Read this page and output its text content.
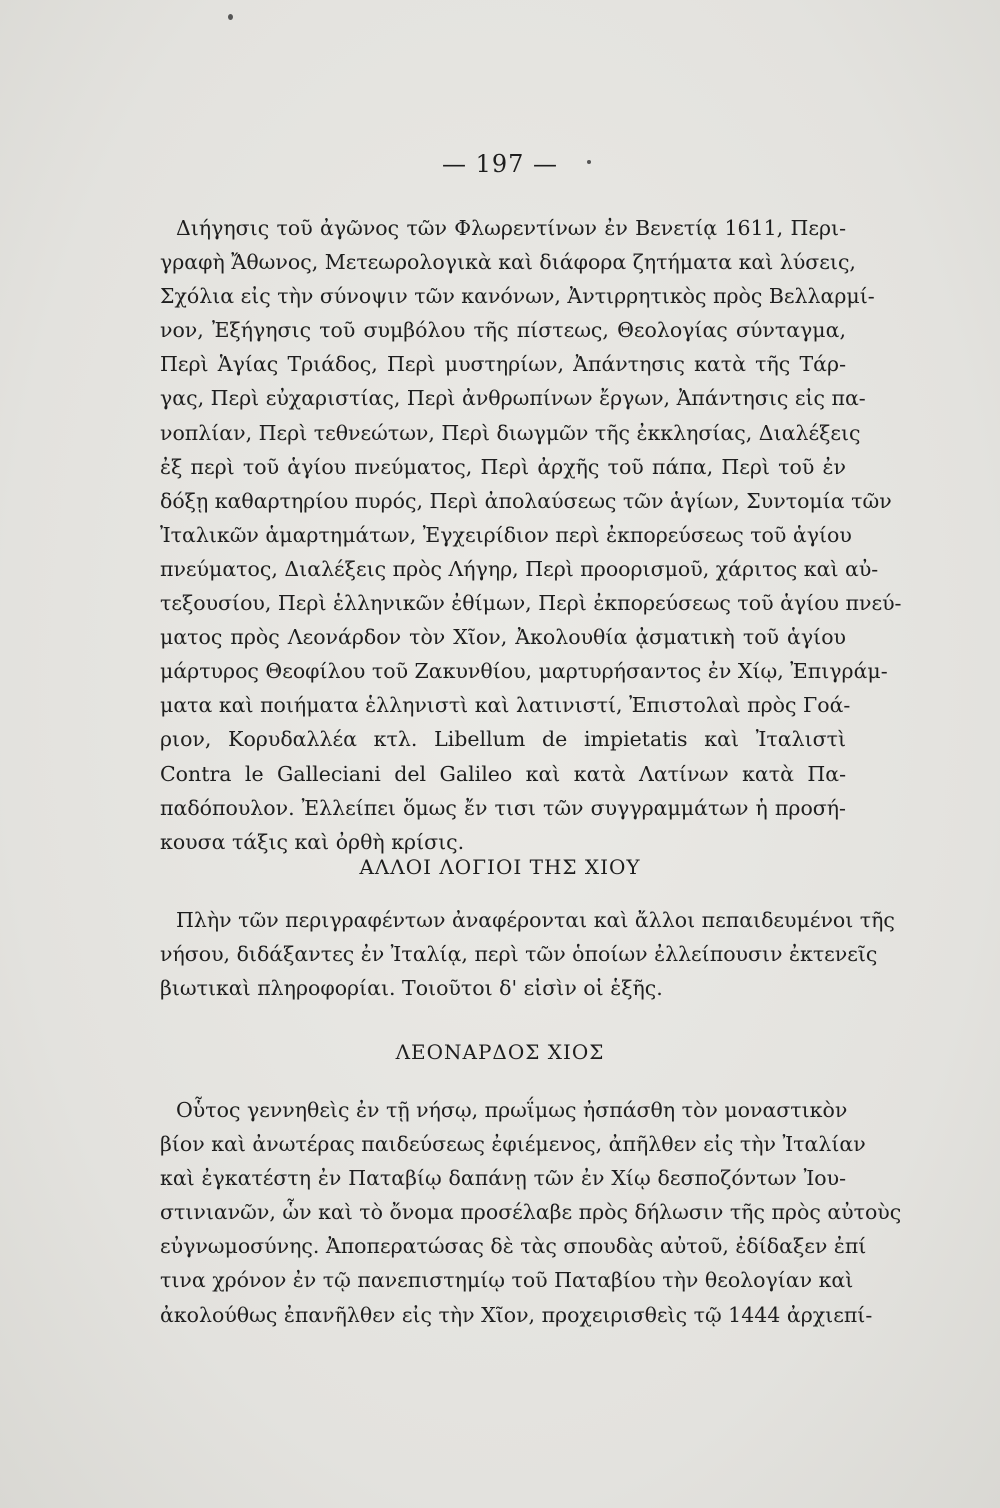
— 197 —
Διήγησις τοῦ ἀγῶνος τῶν Φλωρεντίνων ἐν Βενετίᾳ 1611, Περι-
γραφὴ Ἄθωνος, Μετεωρολογικὰ καὶ διάφορα ζητήματα καὶ λύσεις,
Σχόλια εἰς τὴν σύνοψιν τῶν κανόνων, Ἀντιρρητικὸς πρὸς Βελλαρμί-
νον, Ἐξήγησις τοῦ συμβόλου τῆς πίστεως, Θεολογίας σύνταγμα,
Περὶ Ἁγίας Τριάδος, Περὶ μυστηρίων, Ἀπάντησις κατὰ τῆς Τάρ-
γας, Περὶ εὐχαριστίας, Περὶ ἀνθρωπίνων ἔργων, Ἀπάντησις εἰς πα-
νοπλίαν, Περὶ τεθνεώτων, Περὶ διωγμῶν τῆς ἐκκλησίας, Διαλέξεις
ἐξ περὶ τοῦ ἁγίου πνεύματος, Περὶ ἀρχῆς τοῦ πάπα, Περὶ τοῦ ἐν
δόξῃ καθαρτηρίου πυρός, Περὶ ἀπολαύσεως τῶν ἁγίων, Συντομία τῶν
Ἰταλικῶν ἁμαρτημάτων, Ἐγχειρίδιον περὶ ἐκπορεύσεως τοῦ ἁγίου
πνεύματος, Διαλέξεις πρὸς Λήγηρ, Περὶ προορισμοῦ, χάριτος καὶ αὐ-
τεξουσίου, Περὶ ἑλληνικῶν ἐθίμων, Περὶ ἐκπορεύσεως τοῦ ἁγίου πνεύ-
ματος πρὸς Λεονάρδον τὸν Χῖον, Ἀκολουθία ᾀσματικὴ τοῦ ἁγίου
μάρτυρος Θεοφίλου τοῦ Ζακυνθίου, μαρτυρήσαντος ἐν Χίῳ, Ἐπιγράμ-
ματα καὶ ποιήματα ἑλληνιστὶ καὶ λατινιστί, Ἐπιστολαὶ πρὸς Γοά-
ριον, Κορυδαλλέα κτλ. Libellum de impietatis καὶ Ἰταλιστὶ
Contra le Galleciani del Galileo καὶ κατὰ Λατίνων κατὰ Πα-
παδόπουλον. Ἐλλείπει ὅμως ἔν τισι τῶν συγγραμμάτων ἡ προσή-
κουσα τάξις καὶ ὀρθὴ κρίσις.
ΑΛΛΟΙ ΛΟΓΙΟΙ ΤΗΣ ΧΙΟΥ
Πλὴν τῶν περιγραφέντων ἀναφέρονται καὶ ἄλλοι πεπαιδευμένοι τῆς
νήσου, διδάξαντες ἐν Ἰταλίᾳ, περὶ τῶν ὁποίων ἐλλείπουσιν ἐκτενεῖς
βιωτικαὶ πληροφορίαι. Τοιοῦτοι δ' εἰσὶν οἱ ἑξῆς.
ΛΕΟΝΑΡΔΟΣ ΧΙΟΣ
Οὗτος γεννηθεὶς ἐν τῇ νήσῳ, πρωΐμως ἠσπάσθη τὸν μοναστικὸν
βίον καὶ ἀνωτέρας παιδεύσεως ἐφιέμενος, ἀπῆλθεν εἰς τὴν Ἰταλίαν
καὶ ἐγκατέστη ἐν Παταβίῳ δαπάνῃ τῶν ἐν Χίῳ δεσποζόντων Ἰου-
στινιανῶν, ὧν καὶ τὸ ὄνομα προσέλαβε πρὸς δήλωσιν τῆς πρὸς αὐτοὺς
εὐγνωμοσύνης. Ἀποπερατώσας δὲ τὰς σπουδὰς αὐτοῦ, ἐδίδαξεν ἐπί
τινα χρόνον ἐν τῷ πανεπιστημίῳ τοῦ Παταβίου τὴν θεολογίαν καὶ
ἀκολούθως ἐπανῆλθεν εἰς τὴν Χῖον, προχειρισθεὶς τῷ 1444 ἀρχιεπί-
